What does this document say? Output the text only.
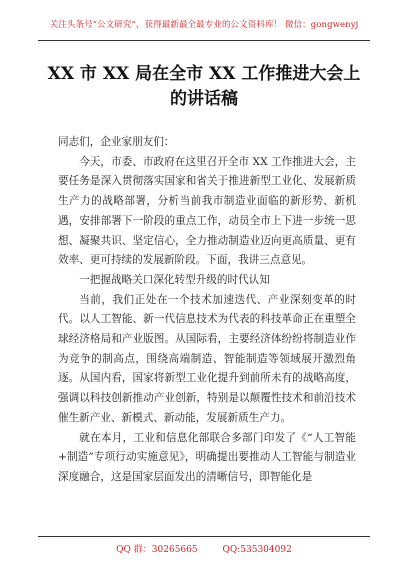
关注头条号“公文研究”，获得最新最全最专业的公文资料库！ 微信：gongwenyj
XX 市 XX 局在全市 XX 工作推进大会上
的讲话稿

同志们，企业家朋友们：

今天，市委、市政府在这里召开全市 XX 工作推进大会，主要任务是深入贯彻落实国家和省关于推进新型工业化、发展新质生产力的战略部署，分析当前我市制造业面临的新形势、新机遇，安排部署下一阶段的重点工作，动员全市上下进一步统一思想、凝聚共识、坚定信心，全力推动制造业迈向更高质量、更有效率、更可持续的发展新阶段。下面，我讲三点意见。

一把握战略关口深化转型升级的时代认知

当前，我们正处在一个技术加速迭代、产业深刻变革的时代。以人工智能、新一代信息技术为代表的科技革命正在重塑全球经济格局和产业版图。从国际看，主要经济体纷纷将制造业作为竞争的制高点，围绕高端制造、智能制造等领域展开激烈角逐。从国内看，国家将新型工业化提升到前所未有的战略高度，强调以科技创新推动产业创新，特别是以颠覆性技术和前沿技术催生新产业、新模式、新动能，发展新质生产力。

就在本月，工业和信息化部联合多部门印发了《“人工智能+制造”专项行动实施意见》，明确提出要推动人工智能与制造业深度融合，这是国家层面发出的清晰信号，即智能化是

QQ 群：30265665	QQ:535304092
